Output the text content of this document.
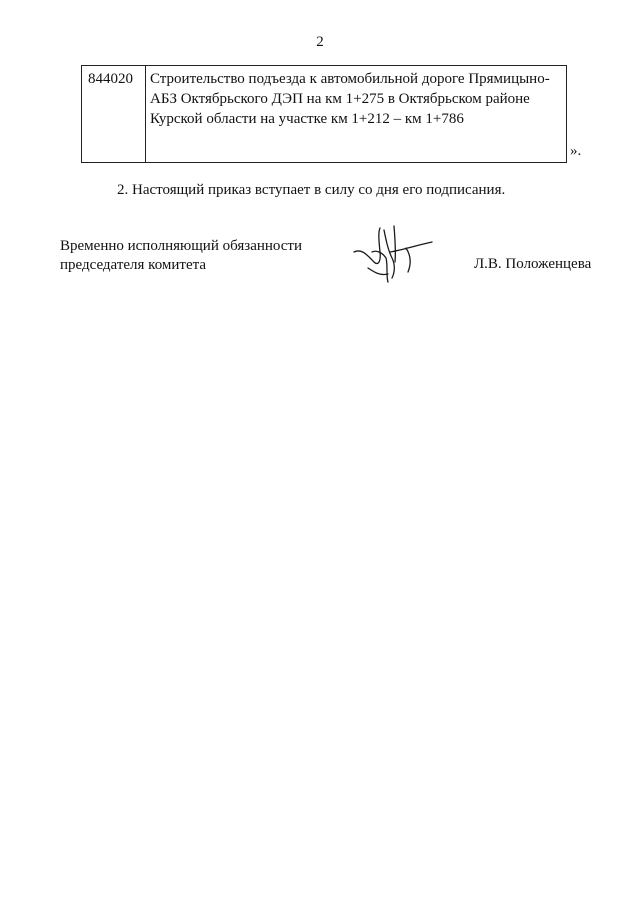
2
844020	Строительство подъезда к автомобильной дороге Прямицыно-
АБЗ Октябрьского ДЭП на км 1+275 в Октябрьском районе
Курской области на участке км 1+212 – км 1+786
».
2. Настоящий приказ вступает в силу со дня его подписания.
Временно исполняющий обязанности
председателя комитета	Л.В. Положенцева
